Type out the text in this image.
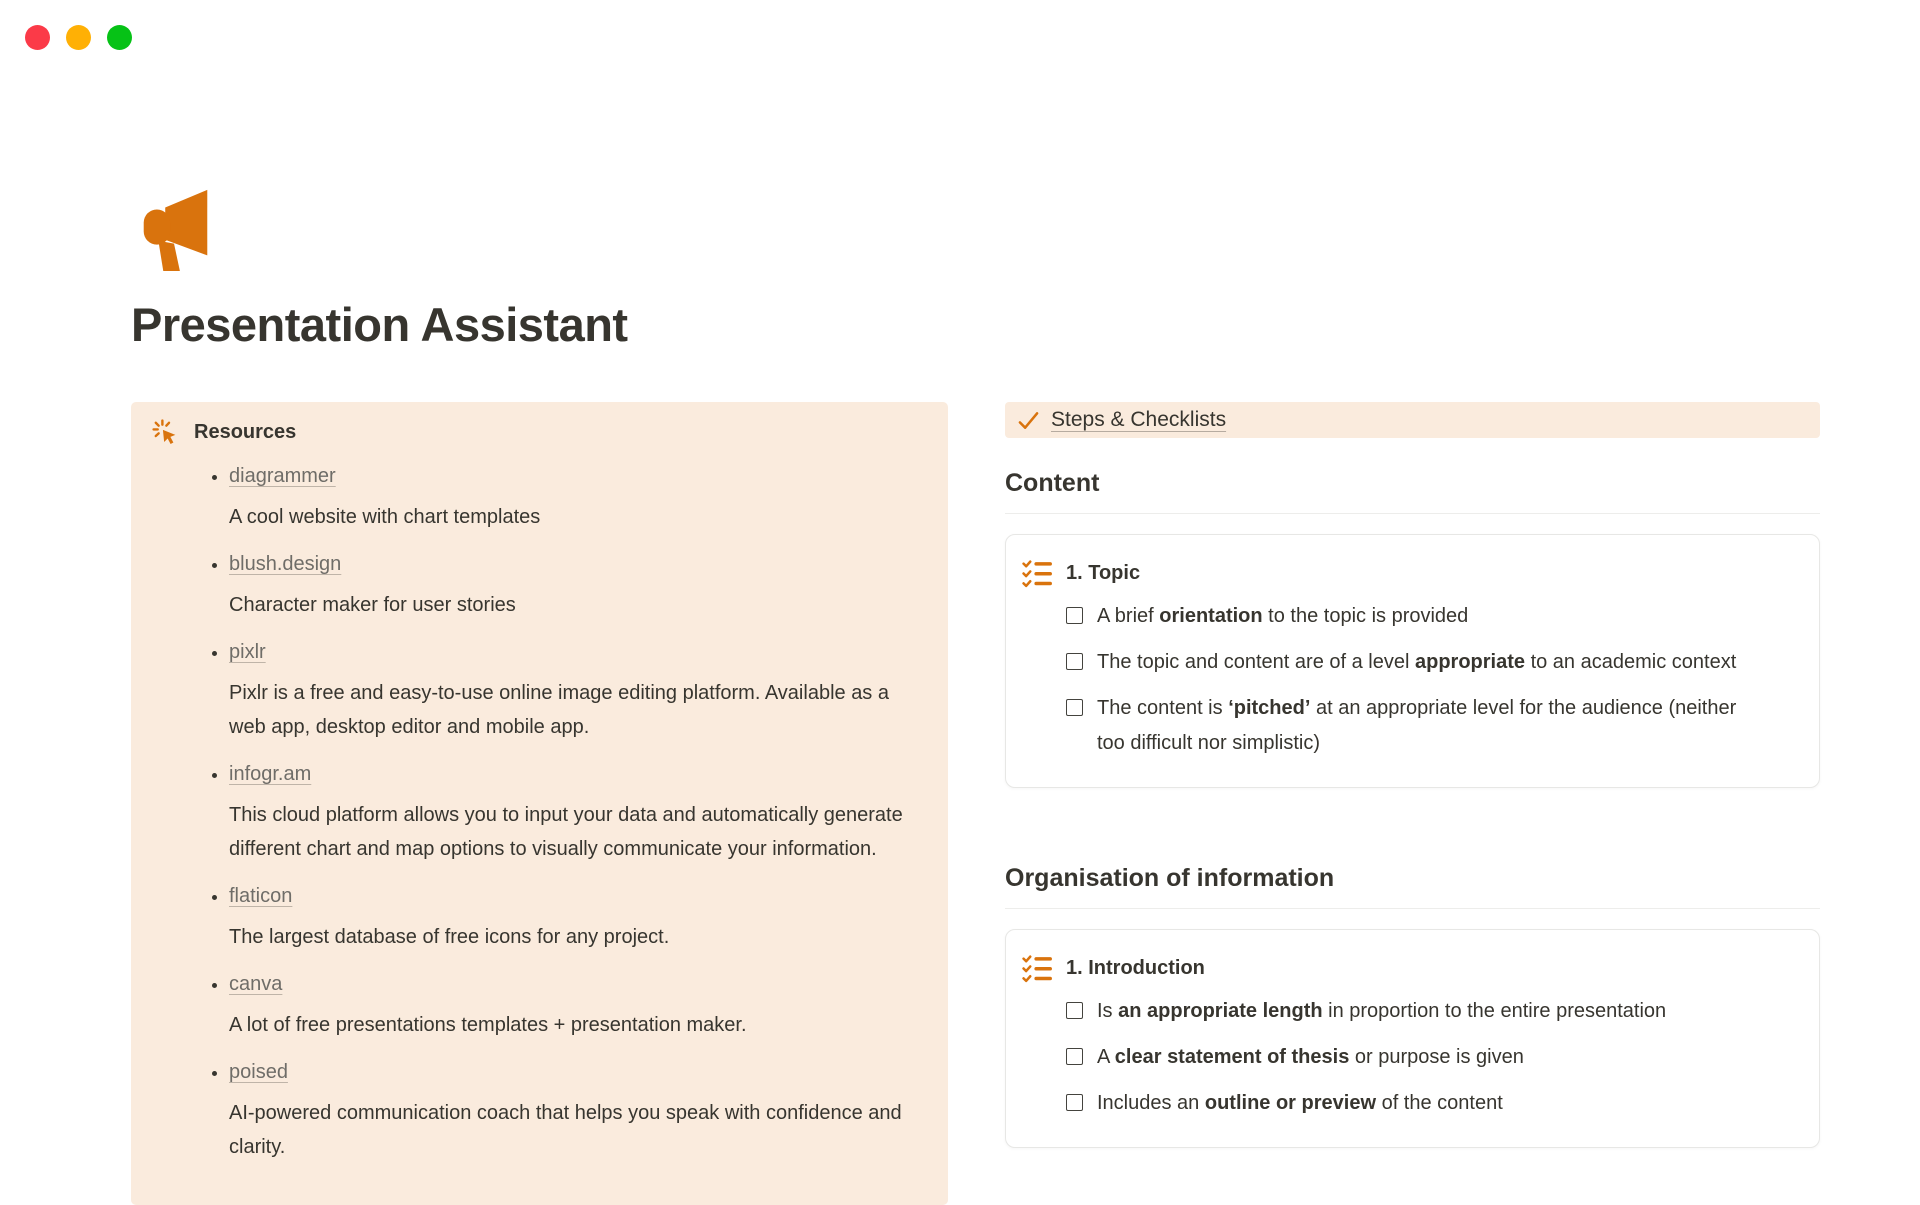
Presentation Assistant
Resources
• diagrammer
A cool website with chart templates
• blush.design
Character maker for user stories
• pixlr
Pixlr is a free and easy-to-use online image editing platform. Available as a web app, desktop editor and mobile app.
• infogr.am
This cloud platform allows you to input your data and automatically generate different chart and map options to visually communicate your information.
• flaticon
The largest database of free icons for any project.
• canva
A lot of free presentations templates + presentation maker.
• poised
AI-powered communication coach that helps you speak with confidence and clarity.
Steps & Checklists
Content
1. Topic
A brief orientation to the topic is provided
The topic and content are of a level appropriate to an academic context
The content is ‘pitched’ at an appropriate level for the audience (neither too difficult nor simplistic)
Organisation of information
1. Introduction
Is an appropriate length in proportion to the entire presentation
A clear statement of thesis or purpose is given
Includes an outline or preview of the content
